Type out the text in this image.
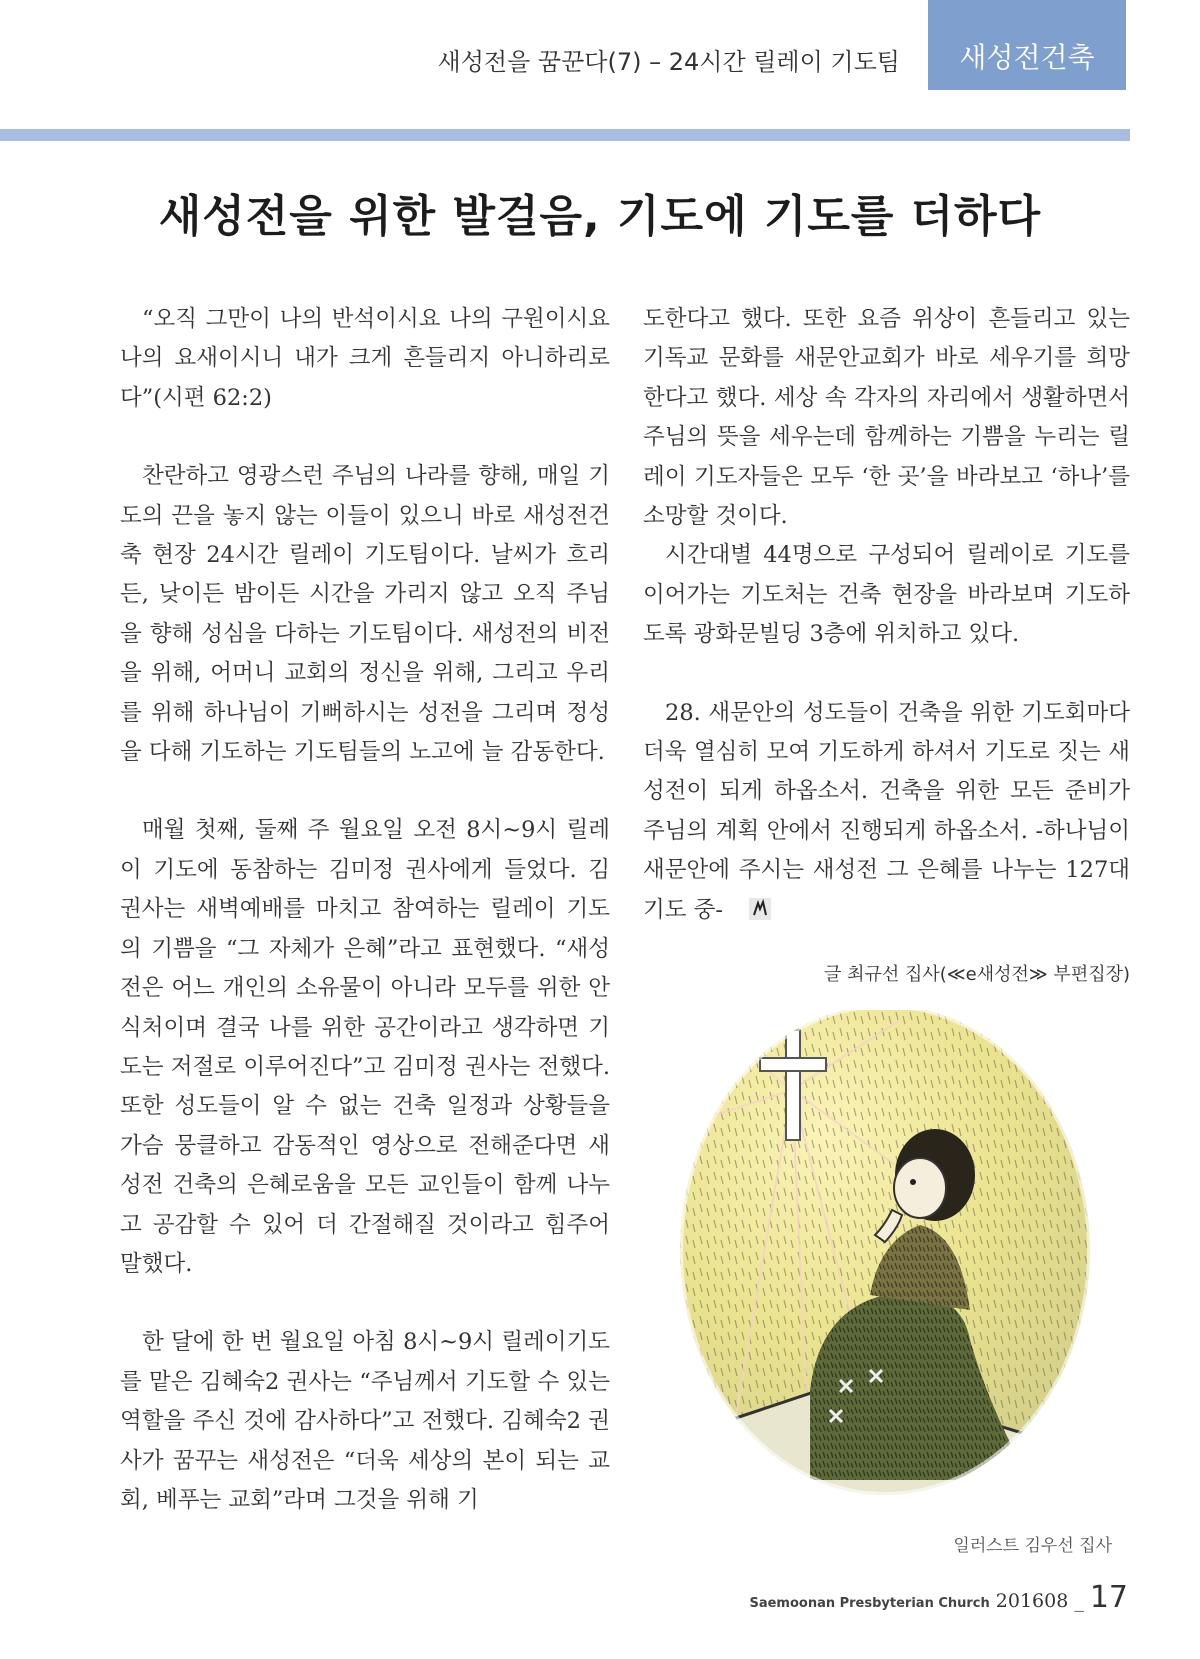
새성전을 꿈꾼다(7) – 24시간 릴레이 기도팀 새성전건축
새성전을 위한 발걸음, 기도에 기도를 더하다

“오직 그만이 나의 반석이시요 나의 구원이시요 나의 요새이시니 내가 크게 흔들리지 아니하리로다”(시편 62:2)

찬란하고 영광스런 주님의 나라를 향해, 매일 기도의 끈을 놓지 않는 이들이 있으니 바로 새성전건축 현장 24시간 릴레이 기도팀이다. 날씨가 흐리든, 낮이든 밤이든 시간을 가리지 않고 오직 주님을 향해 성심을 다하는 기도팀이다. 새성전의 비전을 위해, 어머니 교회의 정신을 위해, 그리고 우리를 위해 하나님이 기뻐하시는 성전을 그리며 정성을 다해 기도하는 기도팀들의 노고에 늘 감동한다.

매월 첫째, 둘째 주 월요일 오전 8시~9시 릴레이 기도에 동참하는 김미정 권사에게 들었다. 김 권사는 새벽예배를 마치고 참여하는 릴레이 기도의 기쁨을 “그 자체가 은혜”라고 표현했다. “새성전은 어느 개인의 소유물이 아니라 모두를 위한 안식처이며 결국 나를 위한 공간이라고 생각하면 기도는 저절로 이루어진다”고 김미정 권사는 전했다. 또한 성도들이 알 수 없는 건축 일정과 상황들을 가슴 뭉클하고 감동적인 영상으로 전해준다면 새성전 건축의 은혜로움을 모든 교인들이 함께 나누고 공감할 수 있어 더 간절해질 것이라고 힘주어 말했다.

한 달에 한 번 월요일 아침 8시~9시 릴레이기도를 맡은 김혜숙2 권사는 “주님께서 기도할 수 있는 역할을 주신 것에 감사하다”고 전했다. 김혜숙2 권사가 꿈꾸는 새성전은 “더욱 세상의 본이 되는 교회, 베푸는 교회”라며 그것을 위해 기

도한다고 했다. 또한 요즘 위상이 흔들리고 있는 기독교 문화를 새문안교회가 바로 세우기를 희망한다고 했다. 세상 속 각자의 자리에서 생활하면서 주님의 뜻을 세우는데 함께하는 기쁨을 누리는 릴레이 기도자들은 모두 ‘한 곳’을 바라보고 ‘하나’를 소망할 것이다.

시간대별 44명으로 구성되어 릴레이로 기도를 이어가는 기도처는 건축 현장을 바라보며 기도하도록 광화문빌딩 3층에 위치하고 있다.

28. 새문안의 성도들이 건축을 위한 기도회마다 더욱 열심히 모여 기도하게 하셔서 기도로 짓는 새성전이 되게 하옵소서. 건축을 위한 모든 준비가 주님의 계획 안에서 진행되게 하옵소서. -하나님이 새문안에 주시는 새성전 그 은혜를 나누는 127대 기도 중-

글 최규선 집사(≪e새성전≫ 부편집장)
일러스트 김우선 집사
Saemoonan Presbyterian Church 201608 _ 17
